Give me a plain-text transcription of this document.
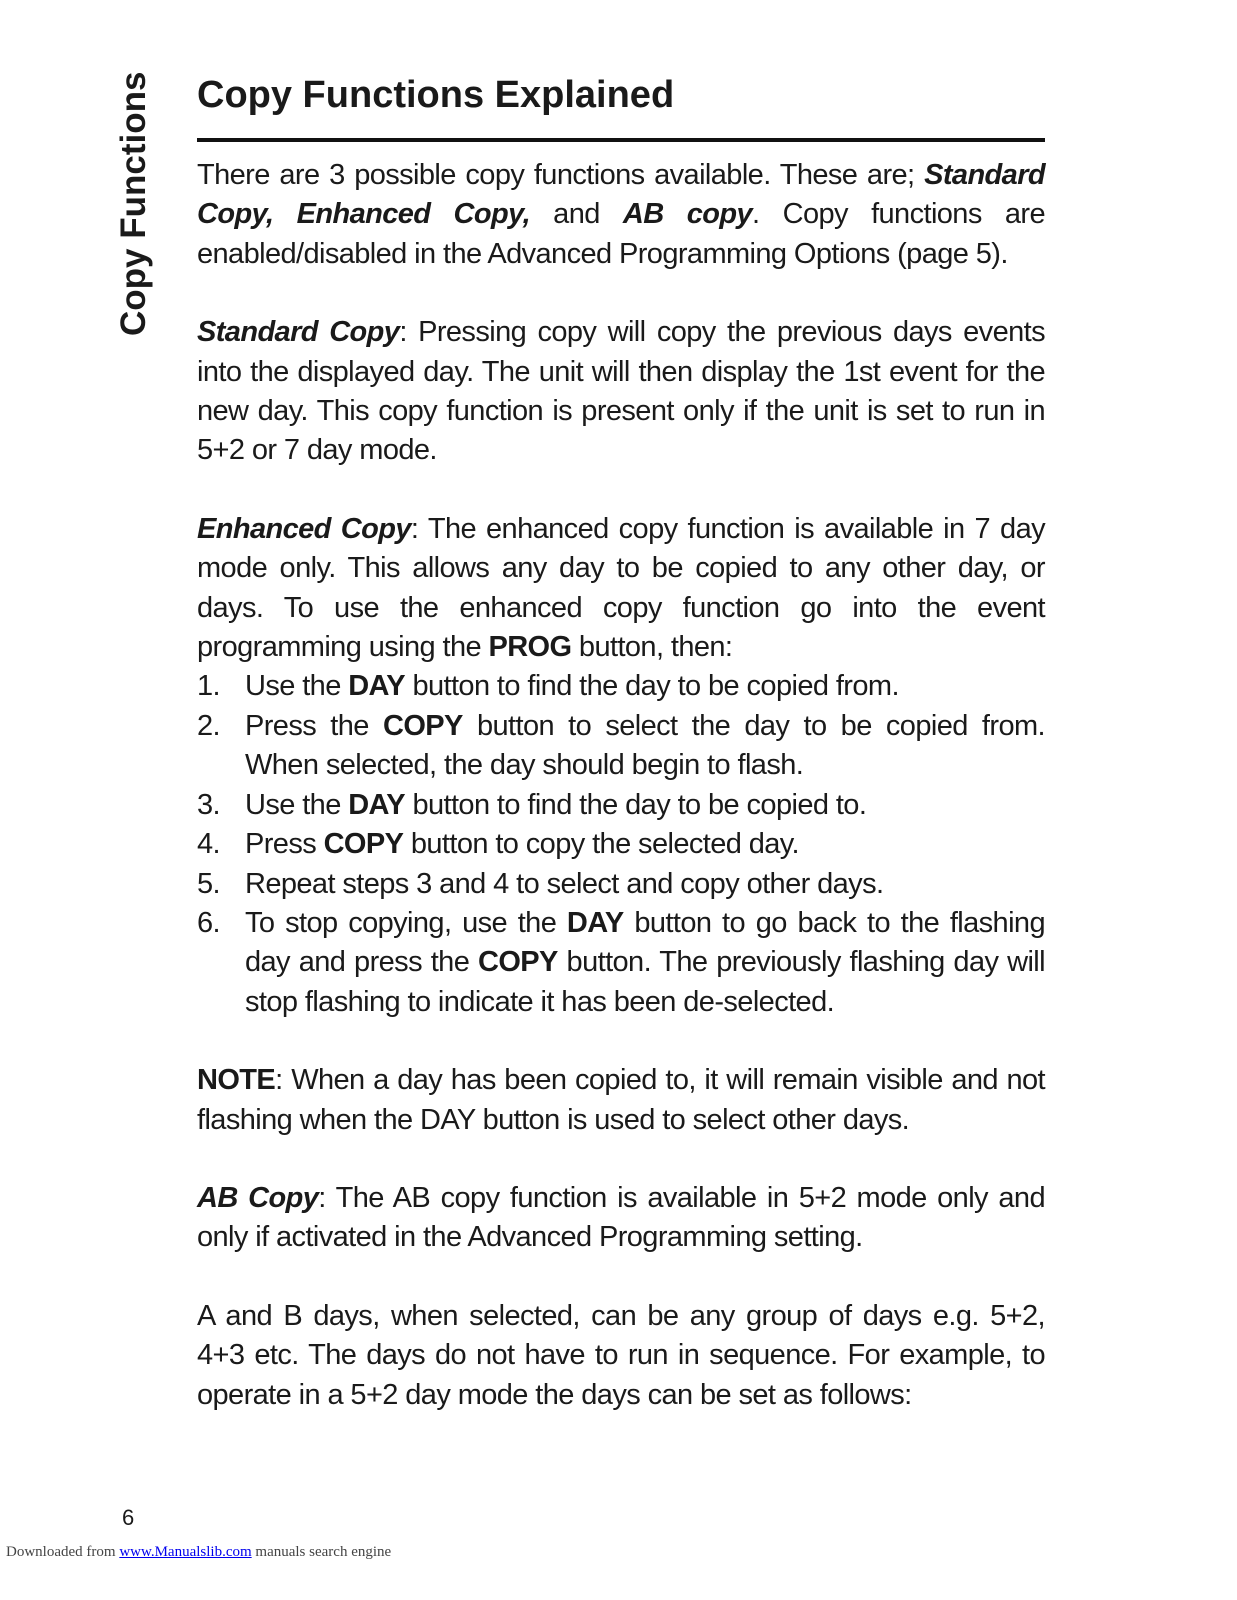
Copy Functions Copy Functions Explained

There are 3 possible copy functions available. These are; Standard Copy, Enhanced Copy, and AB copy. Copy functions are enabled/disabled in the Advanced Programming Options (page 5).

Standard Copy: Pressing copy will copy the previous days events into the displayed day. The unit will then display the 1st event for the new day. This copy function is present only if the unit is set to run in 5+2 or 7 day mode.

Enhanced Copy: The enhanced copy function is available in 7 day mode only. This allows any day to be copied to any other day, or days. To use the enhanced copy function go into the event programming using the PROG button, then:

1. Use the DAY button to find the day to be copied from.
2. Press the COPY button to select the day to be copied from. When selected, the day should begin to flash.
3. Use the DAY button to find the day to be copied to.
4. Press COPY button to copy the selected day.
5. Repeat steps 3 and 4 to select and copy other days.
6. To stop copying, use the DAY button to go back to the flashing day and press the COPY button. The previously flashing day will stop flashing to indicate it has been de-selected.

NOTE: When a day has been copied to, it will remain visible and not flashing when the DAY button is used to select other days.

AB Copy: The AB copy function is available in 5+2 mode only and only if activated in the Advanced Programming setting.

A and B days, when selected, can be any group of days e.g. 5+2, 4+3 etc. The days do not have to run in sequence. For example, to operate in a 5+2 day mode the days can be set as follows:

6
Downloaded from www.Manualslib.com manuals search engine
